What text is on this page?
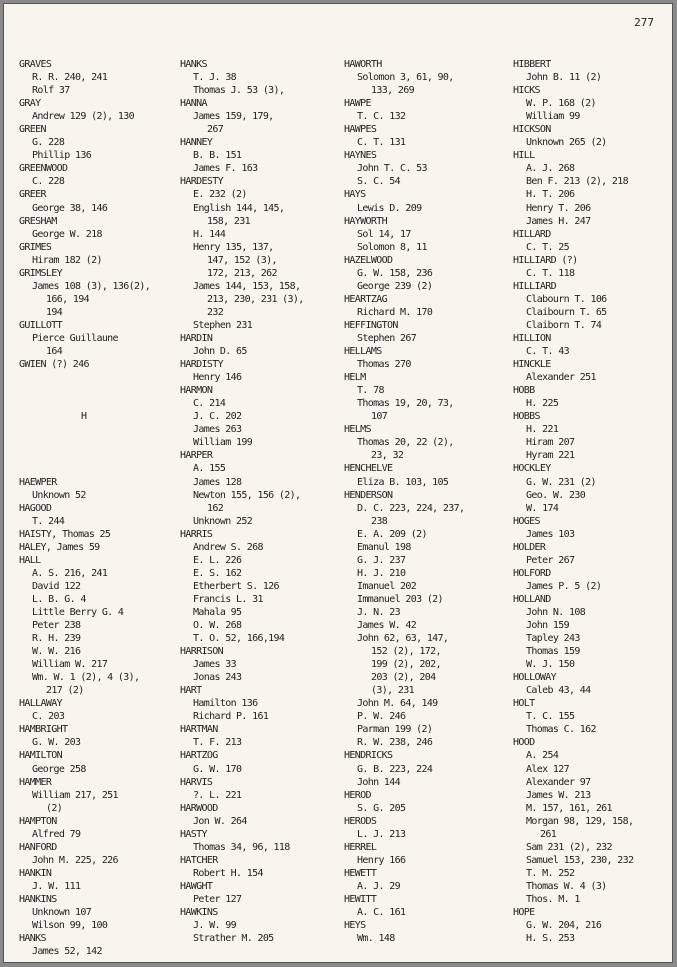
277
GRAVES
R. R. 240, 241
Rolf 37
GRAY
Andrew 129 (2), 130
GREEN
G. 228
Phillip 136
GREENWOOD
C. 228
GREER
George 38, 146
GRESHAM
George W. 218
GRIMES
Hiram 182 (2)
GRIMSLEY
James 108 (3), 136(2),
166, 194
194
GUILLOTT
Pierce Guillaune
164
GWIEN (?) 246
H
HAEWPER
Unknown 52
HAGOOD
T. 244
HAISTY, Thomas 25
HALEY, James 59
HALL
A. S. 216, 241
David 122
L. B. G. 4
Little Berry G. 4
Peter 238
R. H. 239
W. W. 216
William W. 217
Wm. W. 1 (2), 4 (3),
217 (2)
HALLAWAY
C. 203
HAMBRIGHT
G. W. 203
HAMILTON
George 258
HAMMER
William 217, 251
(2)
HAMPTON
Alfred 79
HANFORD
John M. 225, 226
HANKIN
J. W. 111
HANKINS
Unknown 107
Wilson 99, 100
HANKS
James 52, 142
HANKS
T. J. 38
Thomas J. 53 (3),
HANNA
James 159, 179,
267
HANNEY
B. B. 151
James F. 163
HARDESTY
E. 232 (2)
English 144, 145,
158, 231
H. 144
Henry 135, 137,
147, 152 (3),
172, 213, 262
James 144, 153, 158,
213, 230, 231 (3),
232
Stephen 231
HARDIN
John D. 65
HARDISTY
Henry 146
HARMON
C. 214
J. C. 202
James 263
William 199
HARPER
A. 155
James 128
Newton 155, 156 (2),
162
Unknown 252
HARRIS
Andrew S. 268
E. L. 226
E. S. 162
Etherbert S. 126
Francis L. 31
Mahala 95
O. W. 268
T. O. 52, 166,194
HARRISON
James 33
Jonas 243
HART
Hamilton 136
Richard P. 161
HARTMAN
T. F. 213
HARTZOG
G. W. 170
HARVIS
?. L. 221
HARWOOD
Jon W. 264
HASTY
Thomas 34, 96, 118
HATCHER
Robert H. 154
HAWGHT
Peter 127
HAWKINS
J. W. 99
Strather M. 205
HAWORTH
Solomon 3, 61, 90,
133, 269
HAWPE
T. C. 132
HAWPES
C. T. 131
HAYNES
John T. C. 53
S. C. 54
HAYS
Lewis D. 209
HAYWORTH
Sol 14, 17
Solomon 8, 11
HAZELWOOD
G. W. 158, 236
George 239 (2)
HEARTZAG
Richard M. 170
HEFFINGTON
Stephen 267
HELLAMS
Thomas 270
HELM
T. 78
Thomas 19, 20, 73,
107
HELMS
Thomas 20, 22 (2),
23, 32
HENCHELVE
Eliza B. 103, 105
HENDERSON
D. C. 223, 224, 237,
238
E. A. 209 (2)
Emanul 198
G. J. 237
H. J. 210
Imanuel 202
Immanuel 203 (2)
J. N. 23
James W. 42
John 62, 63, 147,
152 (2), 172,
199 (2), 202,
203 (2), 204
(3), 231
John M. 64, 149
P. W. 246
Parman 199 (2)
R. W. 238, 246
HENDRICKS
G. B. 223, 224
John 144
HEROD
S. G. 205
HERODS
L. J. 213
HERREL
Henry 166
HEWETT
A. J. 29
HEWITT
A. C. 161
HEYS
Wm. 148
HIBBERT
John B. 11 (2)
HICKS
W. P. 168 (2)
William 99
HICKSON
Unknown 265 (2)
HILL
A. J. 268
Ben F. 213 (2), 218
H. T. 206
Henry T. 206
James H. 247
HILLARD
C. T. 25
HILLIARD (?)
C. T. 118
HILLIARD
Clabourn T. 106
Claibourn T. 65
Claiborn T. 74
HILLION
C. T. 43
HINCKLE
Alexander 251
HOBB
H. 225
HOBBS
H. 221
Hiram 207
Hyram 221
HOCKLEY
G. W. 231 (2)
Geo. W. 230
W. 174
HOGES
James 103
HOLDER
Peter 267
HOLFORD
James P. 5 (2)
HOLLAND
John N. 108
John 159
Tapley 243
Thomas 159
W. J. 150
HOLLOWAY
Caleb 43, 44
HOLT
T. C. 155
Thomas C. 162
HOOD
A. 254
Alex 127
Alexander 97
James W. 213
M. 157, 161, 261
Morgan 98, 129, 158,
261
Sam 231 (2), 232
Samuel 153, 230, 232
T. M. 252
Thomas W. 4 (3)
Thos. M. 1
HOPE
G. W. 204, 216
H. S. 253
